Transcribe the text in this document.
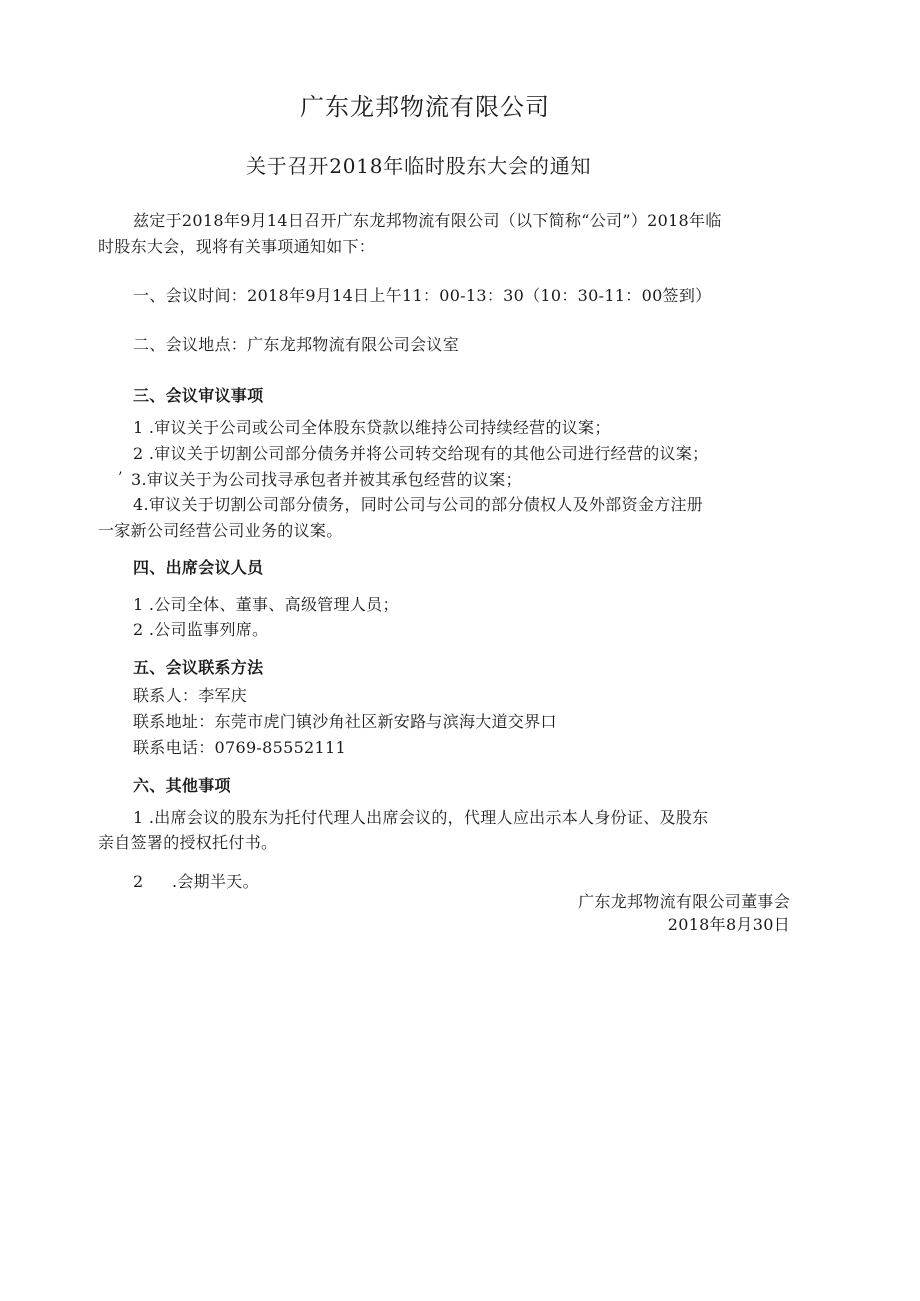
广东龙邦物流有限公司
关于召开2018年临时股东大会的通知
兹定于2018年9月14日召开广东龙邦物流有限公司（以下简称“公司”）2018年临
时股东大会，现将有关事项通知如下：
一、会议时间：2018年9月14日上午11：00-13：30（10：30-11：00签到）
二、会议地点：广东龙邦物流有限公司会议室
三、会议审议事项
1 .审议关于公司或公司全体股东贷款以维持公司持续经营的议案；
2 .审议关于切割公司部分债务并将公司转交给现有的其他公司进行经营的议案；
’ 3.审议关于为公司找寻承包者并被其承包经营的议案；
4.审议关于切割公司部分债务，同时公司与公司的部分债权人及外部资金方注册
一家新公司经营公司业务的议案。
四、出席会议人员
1 .公司全体、董事、高级管理人员；
2 .公司监事列席。
五、会议联系方法
联系人：李军庆
联系地址：东莞市虎门镇沙角社区新安路与滨海大道交界口
联系电话：0769-85552111
六、其他事项
1 .出席会议的股东为托付代理人出席会议的，代理人应出示本人身份证、及股东
亲自签署的授权托付书。
2 .会期半天。
广东龙邦物流有限公司董事会
2018年8月30日
